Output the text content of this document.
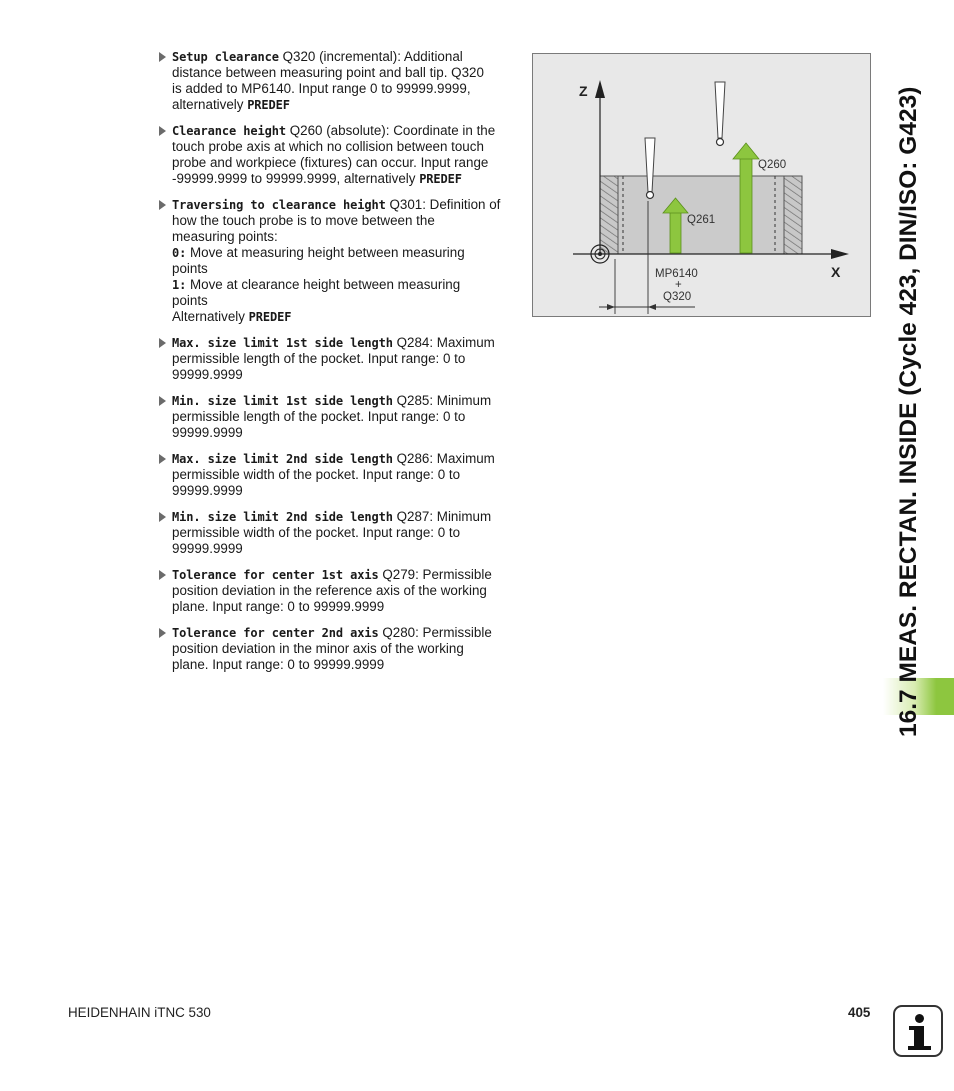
Setup clearance Q320 (incremental): Additional
distance between measuring point and ball tip. Q320
is added to MP6140. Input range 0 to 99999.9999,
alternatively PREDEF
Clearance height Q260 (absolute): Coordinate in the
touch probe axis at which no collision between touch
probe and workpiece (fixtures) can occur. Input range
-99999.9999 to 99999.9999, alternatively PREDEF
Traversing to clearance height Q301: Definition of
how the touch probe is to move between the
measuring points:
0: Move at measuring height between measuring
points
1: Move at clearance height between measuring
points
Alternatively PREDEF
Max. size limit 1st side length Q284: Maximum
permissible length of the pocket. Input range: 0 to
99999.9999
Min. size limit 1st side length Q285: Minimum
permissible length of the pocket. Input range: 0 to
99999.9999
Max. size limit 2nd side length Q286: Maximum
permissible width of the pocket. Input range: 0 to
99999.9999
Min. size limit 2nd side length Q287: Minimum
permissible width of the pocket. Input range: 0 to
99999.9999
Tolerance for center 1st axis Q279: Permissible
position deviation in the reference axis of the working
plane. Input range: 0 to 99999.9999
Tolerance for center 2nd axis Q280: Permissible
position deviation in the minor axis of the working
plane. Input range: 0 to 99999.9999
Z
X
Q260
Q261
MP6140
+
Q320	16.7 MEAS. RECTAN. INSIDE (Cycle 423, DIN/ISO: G423)
HEIDENHAIN iTNC 530	405
